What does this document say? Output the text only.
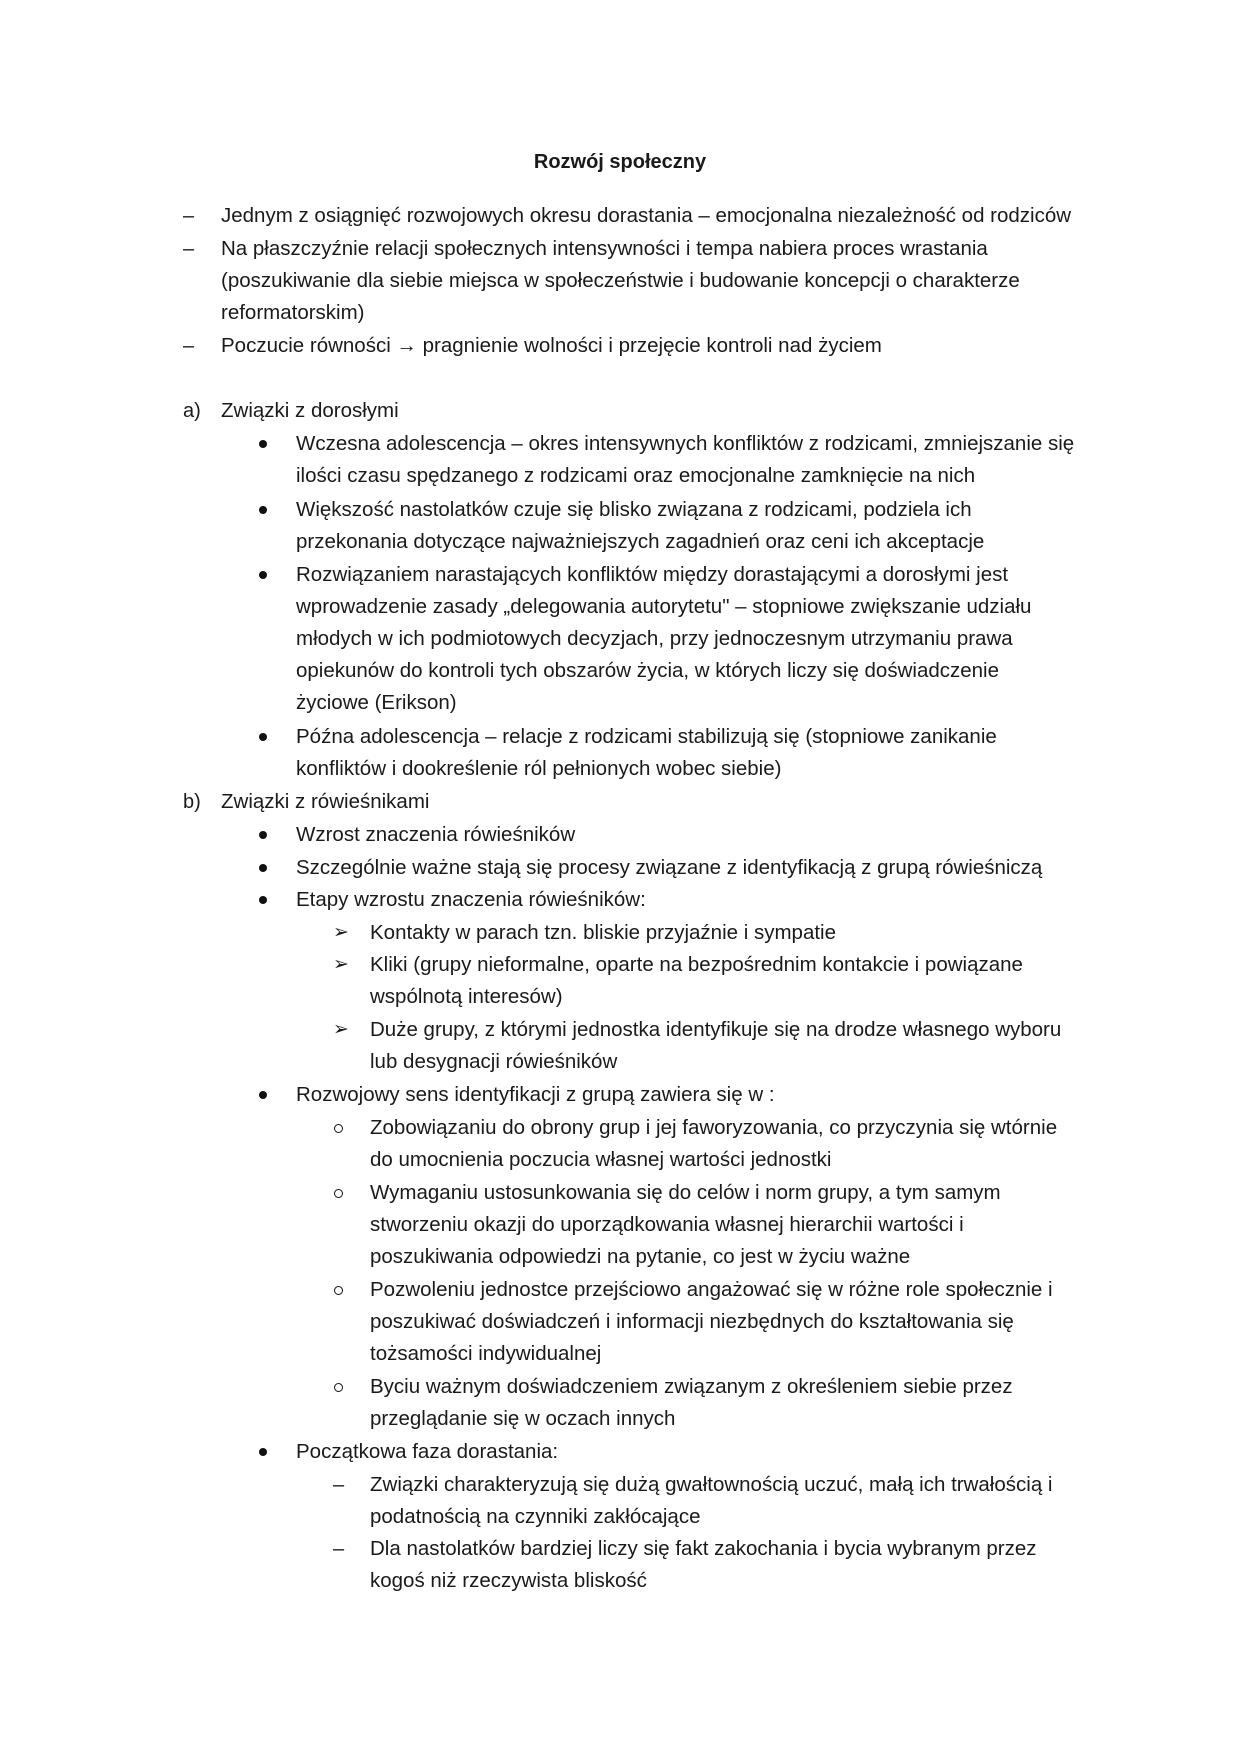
Rozwój społeczny
– Jednym z osiągnięć rozwojowych okresu dorastania – emocjonalna niezależność od rodziców
– Na płaszczyźnie relacji społecznych intensywności i tempa nabiera proces wrastania
(poszukiwanie dla siebie miejsca w społeczeństwie i budowanie koncepcji o charakterze
reformatorskim)
– Poczucie równości → pragnienie wolności i przejęcie kontroli nad życiem
a) Związki z dorosłymi
Wczesna adolescencja – okres intensywnych konfliktów z rodzicami, zmniejszanie się
ilości czasu spędzanego z rodzicami oraz emocjonalne zamknięcie na nich
Większość nastolatków czuje się blisko związana z rodzicami, podziela ich
przekonania dotyczące najważniejszych zagadnień oraz ceni ich akceptacje
Rozwiązaniem narastających konfliktów między dorastającymi a dorosłymi jest
wprowadzenie zasady „delegowania autorytetu" – stopniowe zwiększanie udziału
młodych w ich podmiotowych decyzjach, przy jednoczesnym utrzymaniu prawa
opiekunów do kontroli tych obszarów życia, w których liczy się doświadczenie
życiowe (Erikson)
Późna adolescencja – relacje z rodzicami stabilizują się (stopniowe zanikanie
konfliktów i dookreślenie ról pełnionych wobec siebie)
b) Związki z rówieśnikami
Wzrost znaczenia rówieśników
Szczególnie ważne stają się procesy związane z identyfikacją z grupą rówieśniczą
Etapy wzrostu znaczenia rówieśników:
➢ Kontakty w parach tzn. bliskie przyjaźnie i sympatie
➢ Kliki (grupy nieformalne, oparte na bezpośrednim kontakcie i powiązane
wspólnotą interesów)
➢ Duże grupy, z którymi jednostka identyfikuje się na drodze własnego wyboru
lub desygnacji rówieśników
Rozwojowy sens identyfikacji z grupą zawiera się w :
Zobowiązaniu do obrony grup i jej faworyzowania, co przyczynia się wtórnie
do umocnienia poczucia własnej wartości jednostki
Wymaganiu ustosunkowania się do celów i norm grupy, a tym samym
stworzeniu okazji do uporządkowania własnej hierarchii wartości i
poszukiwania odpowiedzi na pytanie, co jest w życiu ważne
Pozwoleniu jednostce przejściowo angażować się w różne role społecznie i
poszukiwać doświadczeń i informacji niezbędnych do kształtowania się
tożsamości indywidualnej
Byciu ważnym doświadczeniem związanym z określeniem siebie przez
przeglądanie się w oczach innych
Początkowa faza dorastania:
– Związki charakteryzują się dużą gwałtownością uczuć, małą ich trwałością i
podatnością na czynniki zakłócające
– Dla nastolatków bardziej liczy się fakt zakochania i bycia wybranym przez
kogoś niż rzeczywista bliskość
